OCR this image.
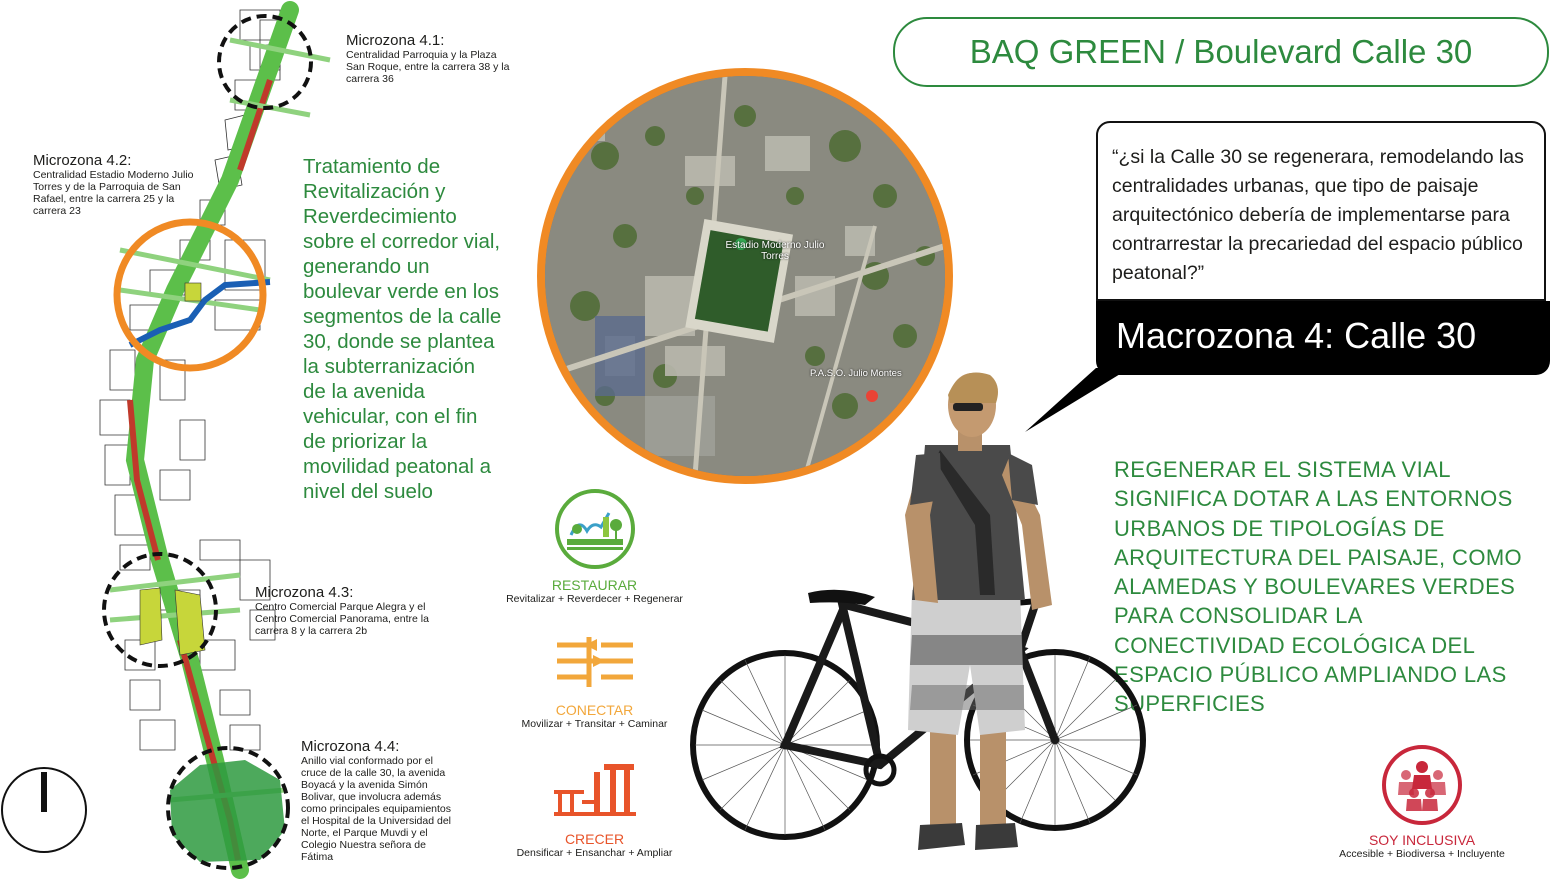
Microzona 4.1:
Centralidad Parroquia y la Plaza San Roque, entre la carrera 38 y la carrera 36
Microzona 4.2:
Centralidad Estadio Moderno Julio Torres y de la Parroquia de San Rafael, entre la carrera 25 y la carrera 23
Microzona 4.3:
Centro Comercial Parque Alegra y el Centro Comercial Panorama, entre la carrera 8 y la carrera 2b
Microzona 4.4:
Anillo vial conformado por el cruce de la calle 30, la avenida Boyacá y la avenida Simón Bolivar, que involucra además como principales equipamientos el Hospital de la Universidad del Norte, el Parque Muvdi y el Colegio Nuestra señora de Fátima
Tratamiento de Revitalización y Reverdecimiento sobre el corredor vial, generando un boulevar verde en los segmentos de la calle 30, donde se plantea la subterranización de la avenida vehicular, con el fin de priorizar la movilidad peatonal a nivel del suelo
Estadio Moderno Julio Torres
P.A.S.O. Julio Montes
BAQ GREEN / Boulevard Calle 30
“¿si la Calle 30 se regenerara, remodelando las centralidades urbanas, que tipo de paisaje arquitectónico debería de implementarse para contrarrestar la precariedad del espacio público peatonal?”
Macrozona 4: Calle 30
REGENERAR EL SISTEMA VIAL SIGNIFICA DOTAR A LAS ENTORNOS URBANOS DE TIPOLOGÍAS DE ARQUITECTURA DEL PAISAJE, COMO ALAMEDAS Y BOULEVARES VERDES PARA CONSOLIDAR LA CONECTIVIDAD ECOLÓGICA DEL ESPACIO PÚBLICO AMPLIANDO LAS SUPERFICIES
RESTAURAR
Revitalizar + Reverdecer + Regenerar
CONECTAR
Movilizar + Transitar + Caminar
CRECER
Densificar + Ensanchar + Ampliar
SOY INCLUSIVA
Accesible + Biodiversa + Incluyente
